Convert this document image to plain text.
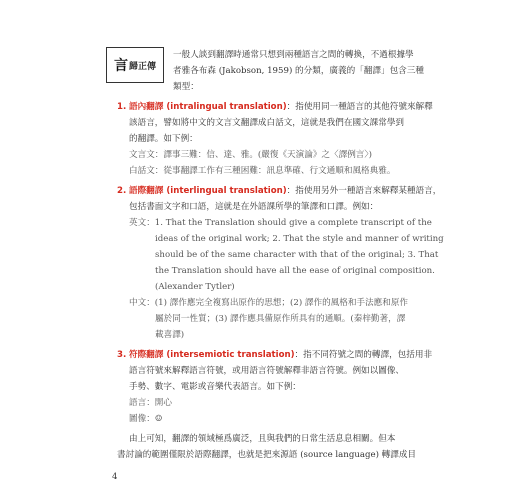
言 歸正傳
一般人談到翻譯時通常只想到兩種語言之間的轉換，不過根據學
者雅各布森 (Jakobson, 1959) 的分類，廣義的「翻譯」包含三種
類型：
1. 語內翻譯 (intralingual translation)：指使用同一種語言的其他符號來解釋
該語言，譬如將中文的文言文翻譯成白話文，這就是我們在國文課常學到
的翻譯。如下例：
文言文：譯事三難：信、達、雅。(嚴復《天演論》之〈譯例言〉)
白話文：從事翻譯工作有三種困難：訊息準確、行文通順和風格典雅。
2. 語際翻譯 (interlingual translation)：指使用另外一種語言來解釋某種語言，
包括書面文字和口語，這就是在外語課所學的筆譯和口譯。例如：
英文：1. That the Translation should give a complete transcript of the
ideas of the original work; 2. That the style and manner of writing
should be of the same character with that of the original; 3. That
the Translation should have all the ease of original composition.
(Alexander Tytler)
中文：(1) 譯作應完全複寫出原作的思想；(2) 譯作的風格和手法應和原作
屬於同一性質；(3) 譯作應具備原作所具有的通順。(秦梓勤著，譯
載喜譯)
3. 符際翻譯 (intersemiotic translation)：指不同符號之間的轉譯，包括用非
語言符號來解釋語言符號，或用語言符號解釋非語言符號。例如以圖像、
手勢、數字、電影或音樂代表語言。如下例：
語言：開心
圖像：☺
由上可知，翻譯的領域極爲廣泛，且與我們的日常生活息息相關。但本
書討論的範圍僅限於語際翻譯，也就是把來源語 (source language) 轉譯成目
4
